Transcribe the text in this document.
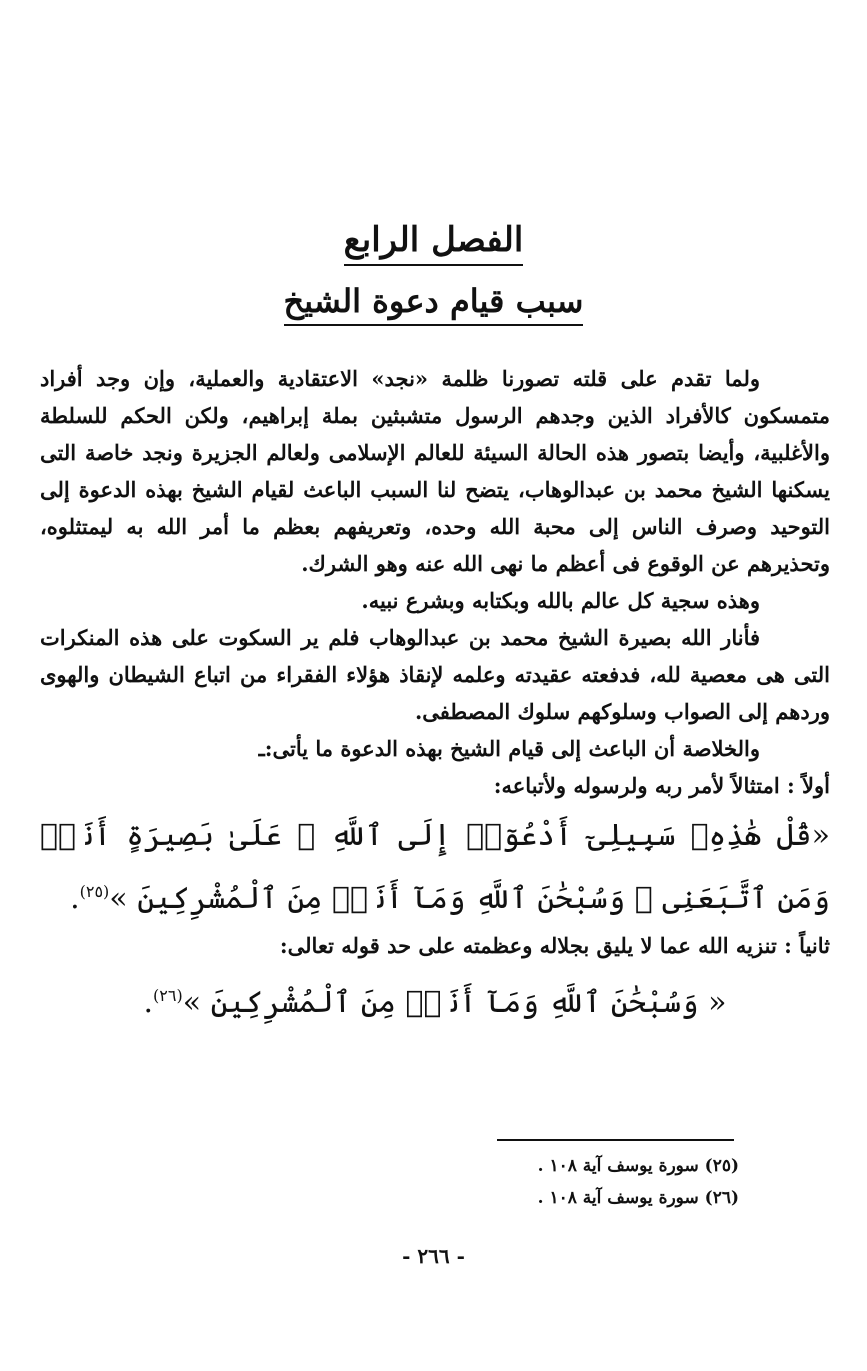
الفصل الرابع
سبب قيام دعوة الشيخ

ولما تقدم على قلته تصورنا ظلمة «نجد» الاعتقادية والعملية، وإن وجد أفراد متمسكون كالأفراد الذين وجدهم الرسول متشبثين بملة إبراهيم، ولكن الحكم للسلطة والأغلبية، وأيضا بتصور هذه الحالة السيئة للعالم الإسلامى ولعالم الجزيرة ونجد خاصة التى يسكنها الشيخ محمد بن عبدالوهاب، يتضح لنا السبب الباعث لقيام الشيخ بهذه الدعوة إلى التوحيد وصرف الناس إلى محبة الله وحده، وتعريفهم بعظم ما أمر الله به ليمتثلوه، وتحذيرهم عن الوقوع فى أعظم ما نهى الله عنه وهو الشرك.

وهذه سجية كل عالم بالله وبكتابه وبشرع نبيه.

فأنار الله بصيرة الشيخ محمد بن عبدالوهاب فلم ير السكوت على هذه المنكرات التى هى معصية لله، فدفعته عقيدته وعلمه لإنقاذ هؤلاء الفقراء من اتباع الشيطان والهوى وردهم إلى الصواب وسلوكهم سلوك المصطفى.

والخلاصة أن الباعث إلى قيام الشيخ بهذه الدعوة ما يأتى:ـ

أولاً : امتثالاً لأمر ربه ولرسوله ولأتباعه:

«قُلْ هَٰذِهِۦ سَبِيلِىٓ أَدْعُوٓا۟ إِلَى ٱللَّهِ ۚ عَلَىٰ بَصِيرَةٍ أَنَا۠ وَمَنِ ٱتَّبَعَنِى ۖ وَسُبْحَٰنَ ٱللَّهِ وَمَآ أَنَا۠ مِنَ ٱلْمُشْرِكِينَ »$^{(٢٥)}$.

ثانياً : تنزيه الله عما لا يليق بجلاله وعظمته على حد قوله تعالى:

« وَسُبْحَٰنَ ٱللَّهِ وَمَآ أَنَا۠ مِنَ ٱلْمُشْرِكِينَ »$^{(٢٦)}$.
(٢٥) سورة يوسف آية ١٠٨ .
(٢٦) سورة يوسف آية ١٠٨ .
- ٢٦٦ -
